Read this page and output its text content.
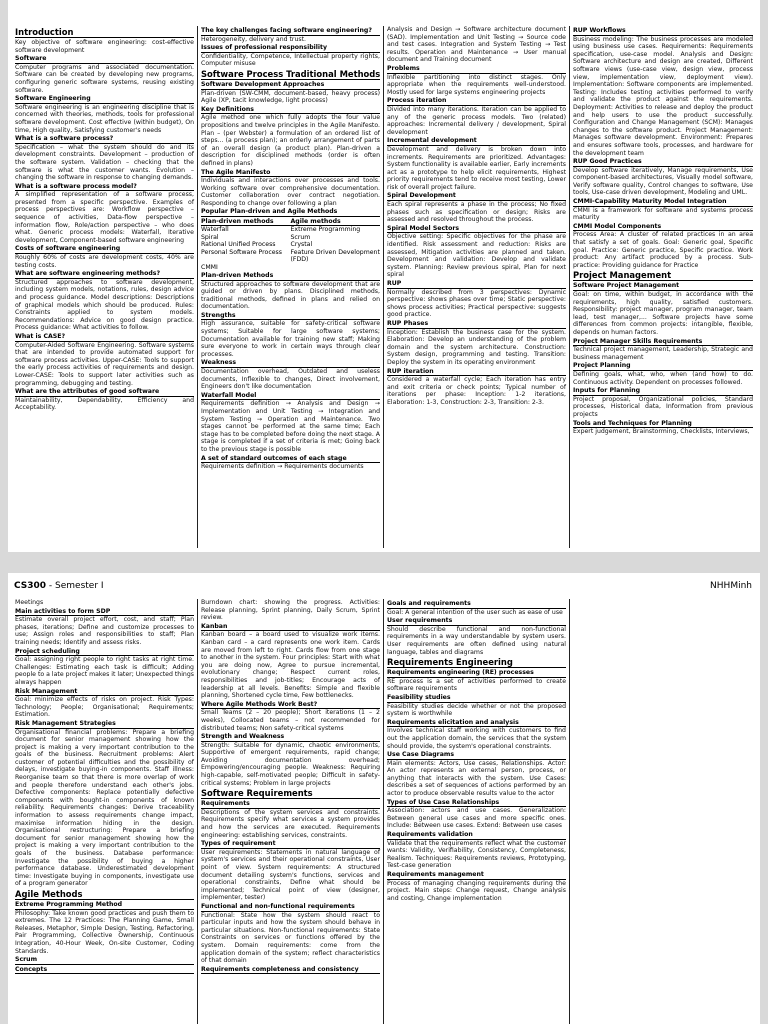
Introduction

Key objective of software engineering: cost-effective software development

Software

Computer programs and associated documentation. Software can be created by developing new programs, configuring generic software systems, reusing existing software.

Software Engineering

Software engineering is an engineering discipline that is concerned with theories, methods, tools for professional software development. Cost effective (within budget), On time, High quality, Satisfying customer's needs

What is a software process?

Specification – what the system should do and its development constraints. Development – production of the software system. Validation – checking that the software is what the customer wants. Evolution – changing the software in response to changing demands.

What is a software process model?

A simplified representation of a software process, presented from a specific perspective. Examples of process perspectives are: Workflow perspective – sequence of activities, Data-flow perspective – information flow, Role/action perspective – who does what. Generic process models: Waterfall, Iterative development, Component-based software engineering

Costs of software engineering

Roughly 60% of costs are development costs, 40% are testing costs.

What are software engineering methods?

Structured approaches to software development, including system models, notations, rules, design advice and process guidance. Model descriptions: Descriptions of graphical models which should be produced. Rules: Constraints applied to system models. Recommendations: Advice on good design practice. Process guidance: What activities to follow.

What is CASE?

Computer-Aided Software Engineering. Software systems that are intended to provide automated support for software process activities. Upper-CASE: Tools to support the early process activities of requirements and design. Lower-CASE: Tools to support later activities such as programming, debugging and testing.

What are the attributes of good software

Maintainability, Dependability, Efficiency and Acceptability.

The key challenges facing software engineering?

Heterogeneity, delivery and trust.

Issues of professional responsibility

Confidentiality, Competence, Intellectual property rights, Computer misuse

Software Process Traditional Methods
Software Development Approaches

Plan-driven (SW-CMM, document-based, heavy process) Agile (XP, tacit knowledge, light process)

Key Definitions

Agile method one which fully adopts the four value propositions and twelve principles in the Agile Manifesto. Plan – (per Webster) a formulation of an ordered list of steps... (a process plan); an orderly arrangement of parts of an overall design (a product plan). Plan-driven a description for disciplined methods (order is often defined in plans)

The Agile Manifesto

Individuals and interactions over processes and tools. Working software over comprehensive documentation. Customer collaboration over contract negotiation. Responding to change over following a plan

Popular Plan-driven and Agile Methods
Plan-driven methods	Agile methods
Waterfall	Extreme Programming
Spiral	Scrum
Rational Unified Process	Crystal
Personal Software Process	Feature Driven Development (FDD)
CMMI	
Plan-driven Methods

Structured approaches to software development that are guided or driven by plans. Disciplined methods, traditional methods, defined in plans and relied on documentation.

Strengths

High assurance, suitable for safety-critical software systems; Suitable for large software systems; Documentation available for training new staff; Making sure everyone to work in certain ways through clear processes.

Weakness

Documentation overhead, Outdated and useless documents, Inflexible to changes, Direct involvement, Engineers don't like documentation

Waterfall Model

Requirements definition → Analysis and Design → Implementation and Unit Testing → Integration and System Testing → Operation and Maintenance. Two stages cannot be performed at the same time; Each stage has to be completed before doing the next stage. A stage is completed if a set of criteria is met; Going back to the previous stage is possible

A set of standard outcomes of each stage

Requirements definition → Requirements documents

Analysis and Design → Software architecture document (SAD). Implementation and Unit Testing → Source code and test cases. Integration and System Testing → Test results. Operation and Maintenance → User manual document and Training document

Problems

Inflexible partitioning into distinct stages. Only appropriate when the requirements well-understood. Mostly used for large systems engineering projects

Process iteration

Divided into many iterations. Iteration can be applied to any of the generic process models. Two (related) approaches: Incremental delivery / development, Spiral development

Incremental development

Development and delivery is broken down into increments. Requirements are prioritized. Advantages: System functionality is available earlier, Early increments act as a prototype to help elicit requirements, Highest priority requirements tend to receive most testing, Lower risk of overall project failure.

Spiral Development

Each spiral represents a phase in the process; No fixed phases such as specification or design; Risks are assessed and resolved throughout the process.

Spiral Model Sectors

Objective setting: Specific objectives for the phase are identified. Risk assessment and reduction: Risks are assessed, Mitigation activities are planned and taken. Development and validation: Develop and validate system. Planning: Review previous spiral, Plan for next spiral

RUP

Normally described from 3 perspectives: Dynamic perspective: shows phases over time; Static perspective: shows process activities; Practical perspective: suggests good practice.

RUP Phases

Inception: Establish the business case for the system. Elaboration: Develop an understanding of the problem domain and the system architecture. Construction: System design, programming and testing. Transition: Deploy the system in its operating environment

RUP iteration

Considered a waterfall cycle; Each iteration has entry and exit criteria or check points; Typical number of iterations per phase: Inception: 1-2 iterations, Elaboration: 1-3, Construction: 2-3, Transition: 2-3.

RUP Workflows

Business modeling: The business processes are modeled using business use cases. Requirements: Requirements specification, use-case model. Analysis and Design: Software architecture and design are created, Different software views (use-case view, design view, process view, implementation view, deployment view). Implementation: Software components are implemented. Testing: Includes testing activities performed to verify and validate the product against the requirements. Deployment: Activities to release and deploy the product and help users to use the product successfully. Configuration and Change Management (SCM): Manages changes to the software product. Project Management: Manages software development. Environment: Prepares and ensures software tools, processes, and hardware for the development team

RUP Good Practices

Develop software iteratively, Manage requirements, Use component-based architectures, Visually model software, Verify software quality, Control changes to software, Use tools, Use-case driven development, Modeling and UML.

CMMI-Capability Maturity Model Integration

CMMI is a framework for software and systems process maturity

CMMI Model Components

Process Area: A cluster of related practices in an area that satisfy a set of goals. Goal: Generic goal, Specific goal. Practice: Generic practice, Specific practice. Work product: Any artifact produced by a process. Sub-practice: Providing guidance for Practice

Project Management
Software Project Management

Goal: on time, within budget, in accordance with the requirements, high quality, satisfied customers. Responsibility: project manager, program manager, team lead, test manager,... Software projects have some differences from common projects: intangible, flexible, depends on human factors.

Project Manager Skills Requirements

Technical project management, Leadership, Strategic and business management

Project Planning

Defining goals, what, who, when (and how) to do. Continuous activity. Dependent on processes followed.

Inputs for Planning

Project proposal, Organizational policies, Standard processes, Historical data, Information from previous projects

Tools and Techniques for Planning

Expert judgement, Brainstorming, Checklists, Interviews,

CS300 - Semester I	NHHMinh

Meetings

Main activities to form SDP

Estimate overall project effort, cost, and staff; Plan phases, iterations; Define and customize processes to use; Assign roles and responsibilities to staff; Plan training needs; Identify and assess risks.

Project scheduling

Goal: assigning right people to right tasks at right time. Challenges: Estimating each task is difficult; Adding people to a late project makes it later; Unexpected things always happen

Risk Management

Goal: minimize effects of risks on project. Risk Types: Technology; People; Organisational; Requirements; Estimation.

Risk Management Strategies

Organisational financial problems: Prepare a briefing document for senior management showing how the project is making a very important contribution to the goals of the business. Recruitment problems: Alert customer of potential difficulties and the possibility of delays, investigate buying-in components. Staff illness: Reorganise team so that there is more overlap of work and people therefore understand each other's jobs. Defective components: Replace potentially defective components with bought-in components of known reliability. Requirements changes: Derive traceability information to assess requirements change impact, maximise information hiding in the design. Organisational restructuring: Prepare a briefing document for senior management showing how the project is making a very important contribution to the goals of the business. Database performance: Investigate the possibility of buying a higher performance database. Underestimated development time: Investigate buying in components, investigate use of a program generator

Agile Methods
Extreme Programming Method

Philosophy: Take known good practices and push them to extremes. The 12 Practices: The Planning Game, Small Releases, Metaphor, Simple Design, Testing, Refactoring, Pair Programming, Collective Ownership, Continuous Integration, 40-Hour Week, On-site Customer, Coding Standards.

Scrum
Concepts

Burndown chart: showing the progress. Activities: Release planning, Sprint planning, Daily Scrum, Sprint review.

Kanban

Kanban board – a board used to visualize work items. Kanban card – a card represents one work item. Cards are moved from left to right. Cards flow from one stage to another in the system. Four principles: Start with what you are doing now, Agree to pursue incremental, evolutionary change; Respect current roles, responsibilities and job-titles; Encourage acts of leadership at all levels. Benefits: Simple and flexible planning, Shortened cycle time, Few bottlenecks.

Where Agile Methods Work Best?

Small Teams (2 – 20 people); Short iterations (1 – 2 weeks), Collocated teams – not recommended for distributed teams; Non safety-critical systems

Strength and Weakness

Strength: Suitable for dynamic, chaotic environments, Supportive of emergent requirements, rapid change; Avoiding documentation overhead; Empowering/encouraging people. Weakness: Requiring high-capable, self-motivated people; Difficult in safety-critical systems; Problem in large projects

Software Requirements
Requirements

Descriptions of the system services and constraints. Requirements specify what services a system provides and how the services are executed. Requirements engineering: establishing services, constraints.

Types of requirement

User requirements: Statements in natural language of system's services and their operational constraints, User point of view. System requirements: A structured document detailing system's functions, services and operational constraints, Define what should be implemented; Technical point of view (designer, implementer, tester)

Functional and non-functional requirements

Functional: State how the system should react to particular inputs and how the system should behave in particular situations. Non-functional requirements: State Constraints on services or functions offered by the system. Domain requirements: come from the application domain of the system; reflect characteristics of that domain

Requirements completeness and consistency
Goals and requirements

Goal: A general intention of the user such as ease of use

User requirements

Should describe functional and non-functional requirements in a way understandable by system users. User requirements are often defined using natural language, tables and diagrams

Requirements Engineering
Requirements engineering (RE) processes

RE process is a set of activities performed to create software requirements

Feasibility studies

Feasibility studies decide whether or not the proposed system is worthwhile

Requirements elicitation and analysis

Involves technical staff working with customers to find out the application domain, the services that the system should provide, the system's operational constraints.

Use Case Diagrams

Main elements: Actors, Use cases, Relationships. Actor: An actor represents an external person, process, or anything that interacts with the system. Use Cases: describes a set of sequences of actions performed by an actor to produce observable results value to the actor

Types of Use Case Relationships

Association: actors and use cases. Generalization: Between general use cases and more specific ones. Include: Between use cases. Extend: Between use cases

Requirements validation

Validate that the requirements reflect what the customer wants: Validity, Verifiability, Consistency, Completeness, Realism. Techniques: Requirements reviews, Prototyping, Test-case generation

Requirements management

Process of managing changing requirements during the project. Main steps: Change request, Change analysis and costing, Change implementation
